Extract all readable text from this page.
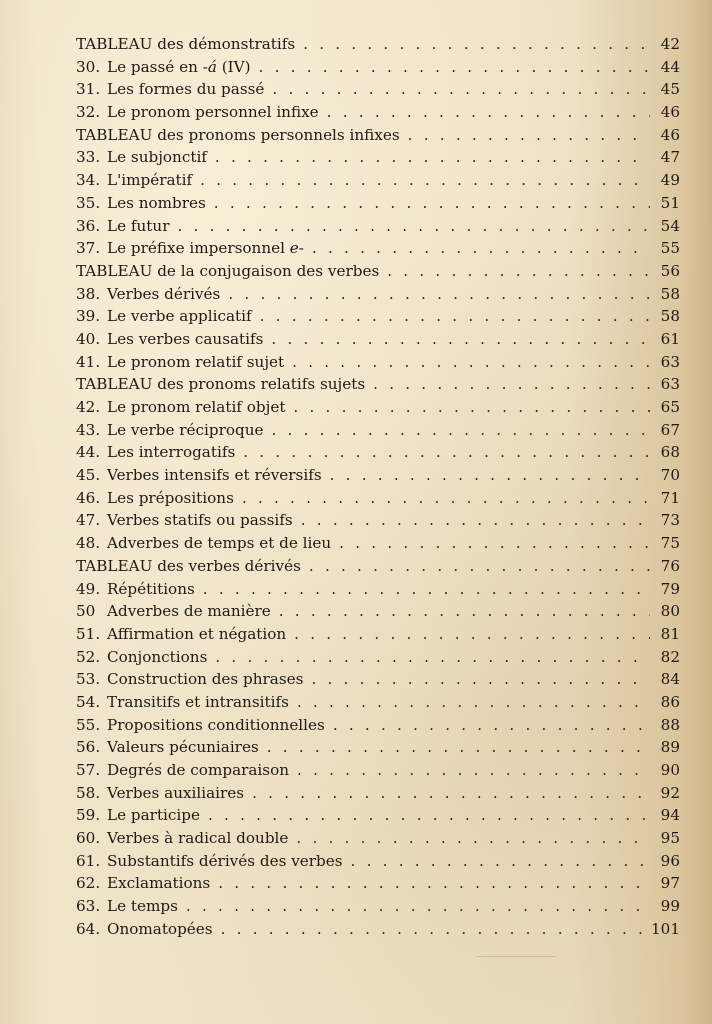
TABLEAU des démonstratifs . . .	42
30. Le passé en -á (IV) . . .	44
31. Les formes du passé . . .	45
32. Le pronom personnel infixe . . .	46
TABLEAU des pronoms personnels infixes . . .	46
33. Le subjonctif . . .	47
34. L'impératif . . .	49
35. Les nombres . . .	51
36. Le futur . . .	54
37. Le préfixe impersonnel e- . . .	55
TABLEAU de la conjugaison des verbes . . .	56
38. Verbes dérivés . . .	58
39. Le verbe applicatif . . .	58
40. Les verbes causatifs . . .	61
41. Le pronom relatif sujet . . .	63
TABLEAU des pronoms relatifs sujets . . .	63
42. Le pronom relatif objet . . .	65
43. Le verbe réciproque . . .	67
44. Les interrogatifs . . .	68
45. Verbes intensifs et réversifs . . .	70
46. Les prépositions . . .	71
47. Verbes statifs ou passifs . . .	73
48. Adverbes de temps et de lieu . . .	75
TABLEAU des verbes dérivés . . .	76
49. Répétitions . . .	79
50 Adverbes de manière . . .	80
51. Affirmation et négation . . .	81
52. Conjonctions . . .	82
53. Construction des phrases . . .	84
54. Transitifs et intransitifs . . .	86
55. Propositions conditionnelles . . .	88
56. Valeurs pécuniaires . . .	89
57. Degrés de comparaison . . .	90
58. Verbes auxiliaires . . .	92
59. Le participe . . .	94
60. Verbes à radical double . . .	95
61. Substantifs dérivés des verbes . . .	96
62. Exclamations . . .	97
63. Le temps . . .	99
64. Onomatopées . . .	101
